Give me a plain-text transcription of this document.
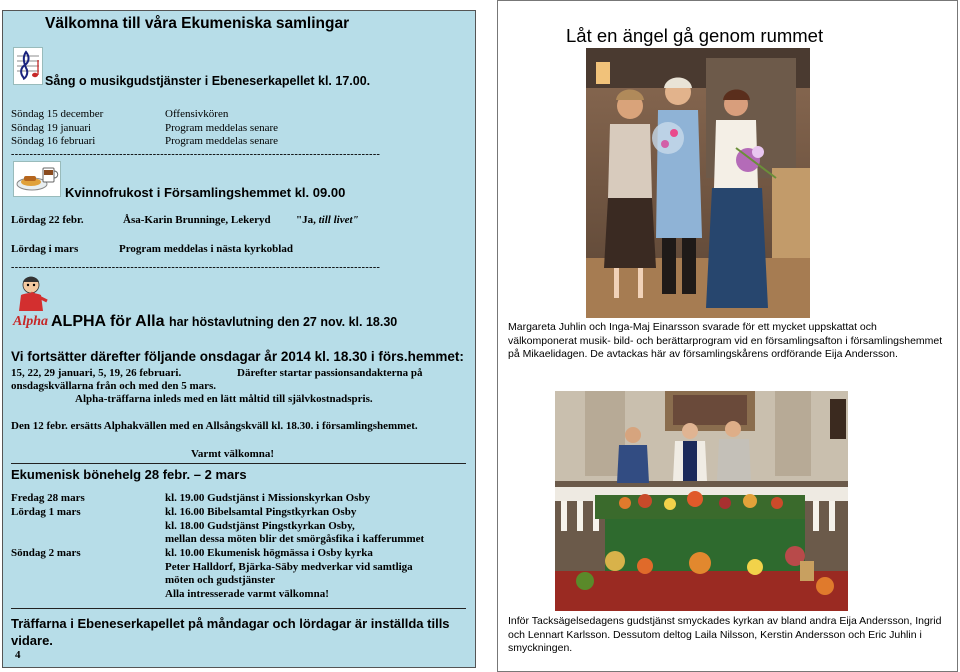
Välkomna till våra Ekumeniska samlingar
Sång o musikgudstjänster i Ebeneserkapellet kl. 17.00.
Söndag 15 december	Offensivkören
Söndag 19 januari	Program meddelas senare
Söndag 16 februari	Program meddelas senare
---------------------------------------------------------------------------------------------------
Kvinnofrukost i Församlingshemmet kl. 09.00
Lördag 22 febr.	Åsa-Karin Brunninge, Lekeryd "Ja, till livet"
Lördag i mars	Program meddelas i nästa kyrkoblad
---------------------------------------------------------------------------------------------------
Alpha ALPHA för Alla har höstavlutning den 27 nov. kl. 18.30
Vi fortsätter därefter följande onsdagar år 2014 kl. 18.30 i förs.hemmet:
15, 22, 29 januari, 5, 19, 26 februari.	Därefter startar passionsandakterna på
onsdagskvällarna från och med den 5 mars.
Alpha-träffarna inleds med en lätt måltid till självkostnadspris.
Den 12 febr. ersätts Alphakvällen med en Allsångskväll kl. 18.30. i församlingshemmet.
Varmt välkomna!
Ekumenisk bönehelg 28 febr. – 2 mars
Fredag 28 mars	kl. 19.00 Gudstjänst i Missionskyrkan Osby
Lördag 1 mars	kl. 16.00 Bibelsamtal Pingstkyrkan Osby
kl. 18.00 Gudstjänst Pingstkyrkan Osby,
mellan dessa möten blir det smörgåsfika i kafferummet
Söndag 2 mars	kl. 10.00 Ekumenisk högmässa i Osby kyrka
Peter Halldorf, Bjärka-Säby medverkar vid samtliga
möten och gudstjänster
Alla intresserade varmt välkomna!
Träffarna i Ebeneserkapellet på måndagar och lördagar är inställda tills
vidare.
4
Låt en ängel gå genom rummet
Margareta Juhlin och Inga-Maj Einarsson svarade för ett mycket uppskattat och välkomponerat musik- bild- och berättarprogram vid en församlingsafton i församlingshemmet på Mikaelidagen. De avtackas här av församlingskårens ordförande Eija Andersson.
Inför Tacksägelsedagens gudstjänst smyckades kyrkan av bland andra Eija Andersson, Ingrid och Lennart Karlsson. Dessutom deltog Laila Nilsson, Kerstin Andersson och Eric Juhlin i smyckningen.
